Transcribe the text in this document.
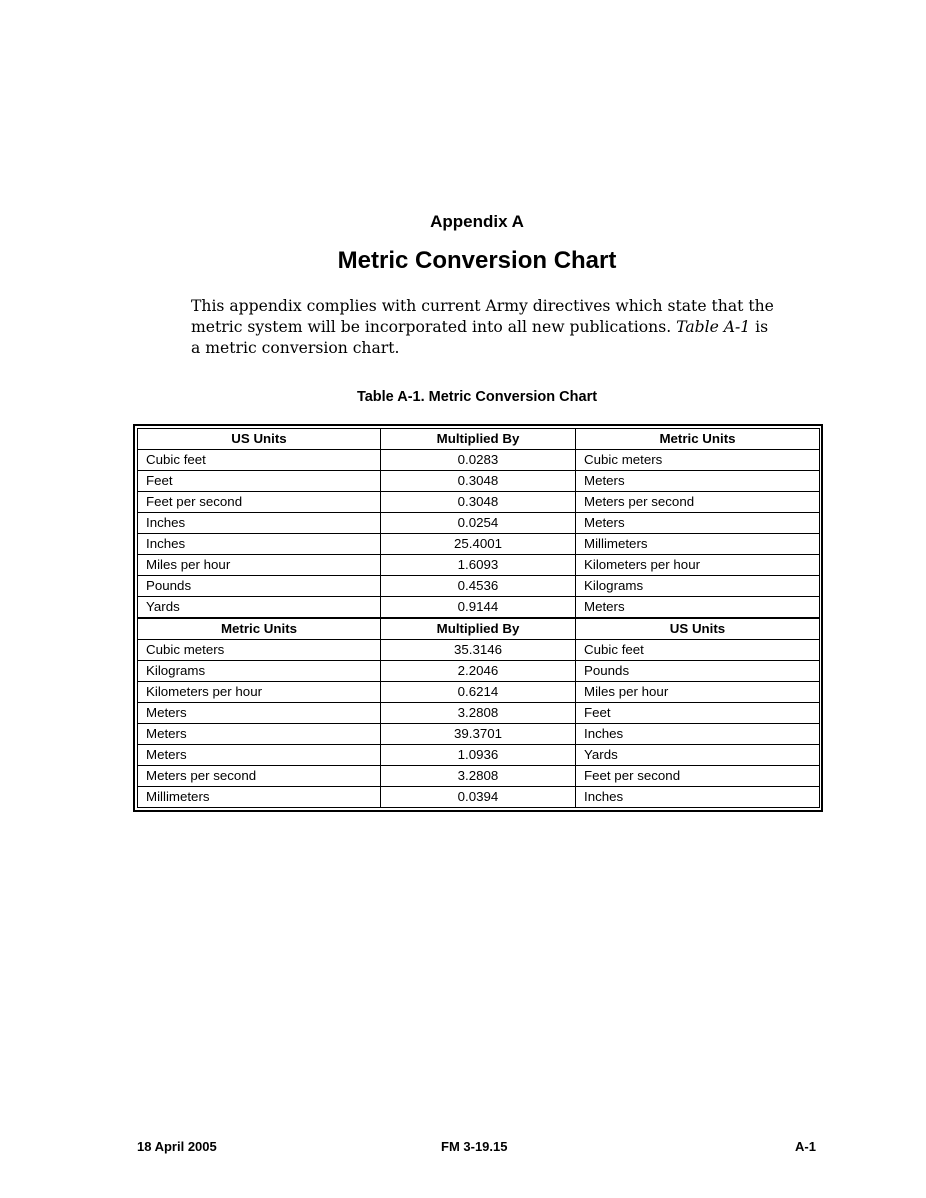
Appendix A
Metric Conversion Chart

This appendix complies with current Army directives which state that the metric system will be incorporated into all new publications. Table A-1 is a metric conversion chart.

Table A-1. Metric Conversion Chart
US Units	Multiplied By	Metric Units
Cubic feet	0.0283	Cubic meters
Feet	0.3048	Meters
Feet per second	0.3048	Meters per second
Inches	0.0254	Meters
Inches	25.4001	Millimeters
Miles per hour	1.6093	Kilometers per hour
Pounds	0.4536	Kilograms
Yards	0.9144	Meters
Metric Units	Multiplied By	US Units
Cubic meters	35.3146	Cubic feet
Kilograms	2.2046	Pounds
Kilometers per hour	0.6214	Miles per hour
Meters	3.2808	Feet
Meters	39.3701	Inches
Meters	1.0936	Yards
Meters per second	3.2808	Feet per second
Millimeters	0.0394	Inches
18 April 2005	FM 3-19.15	A-1
